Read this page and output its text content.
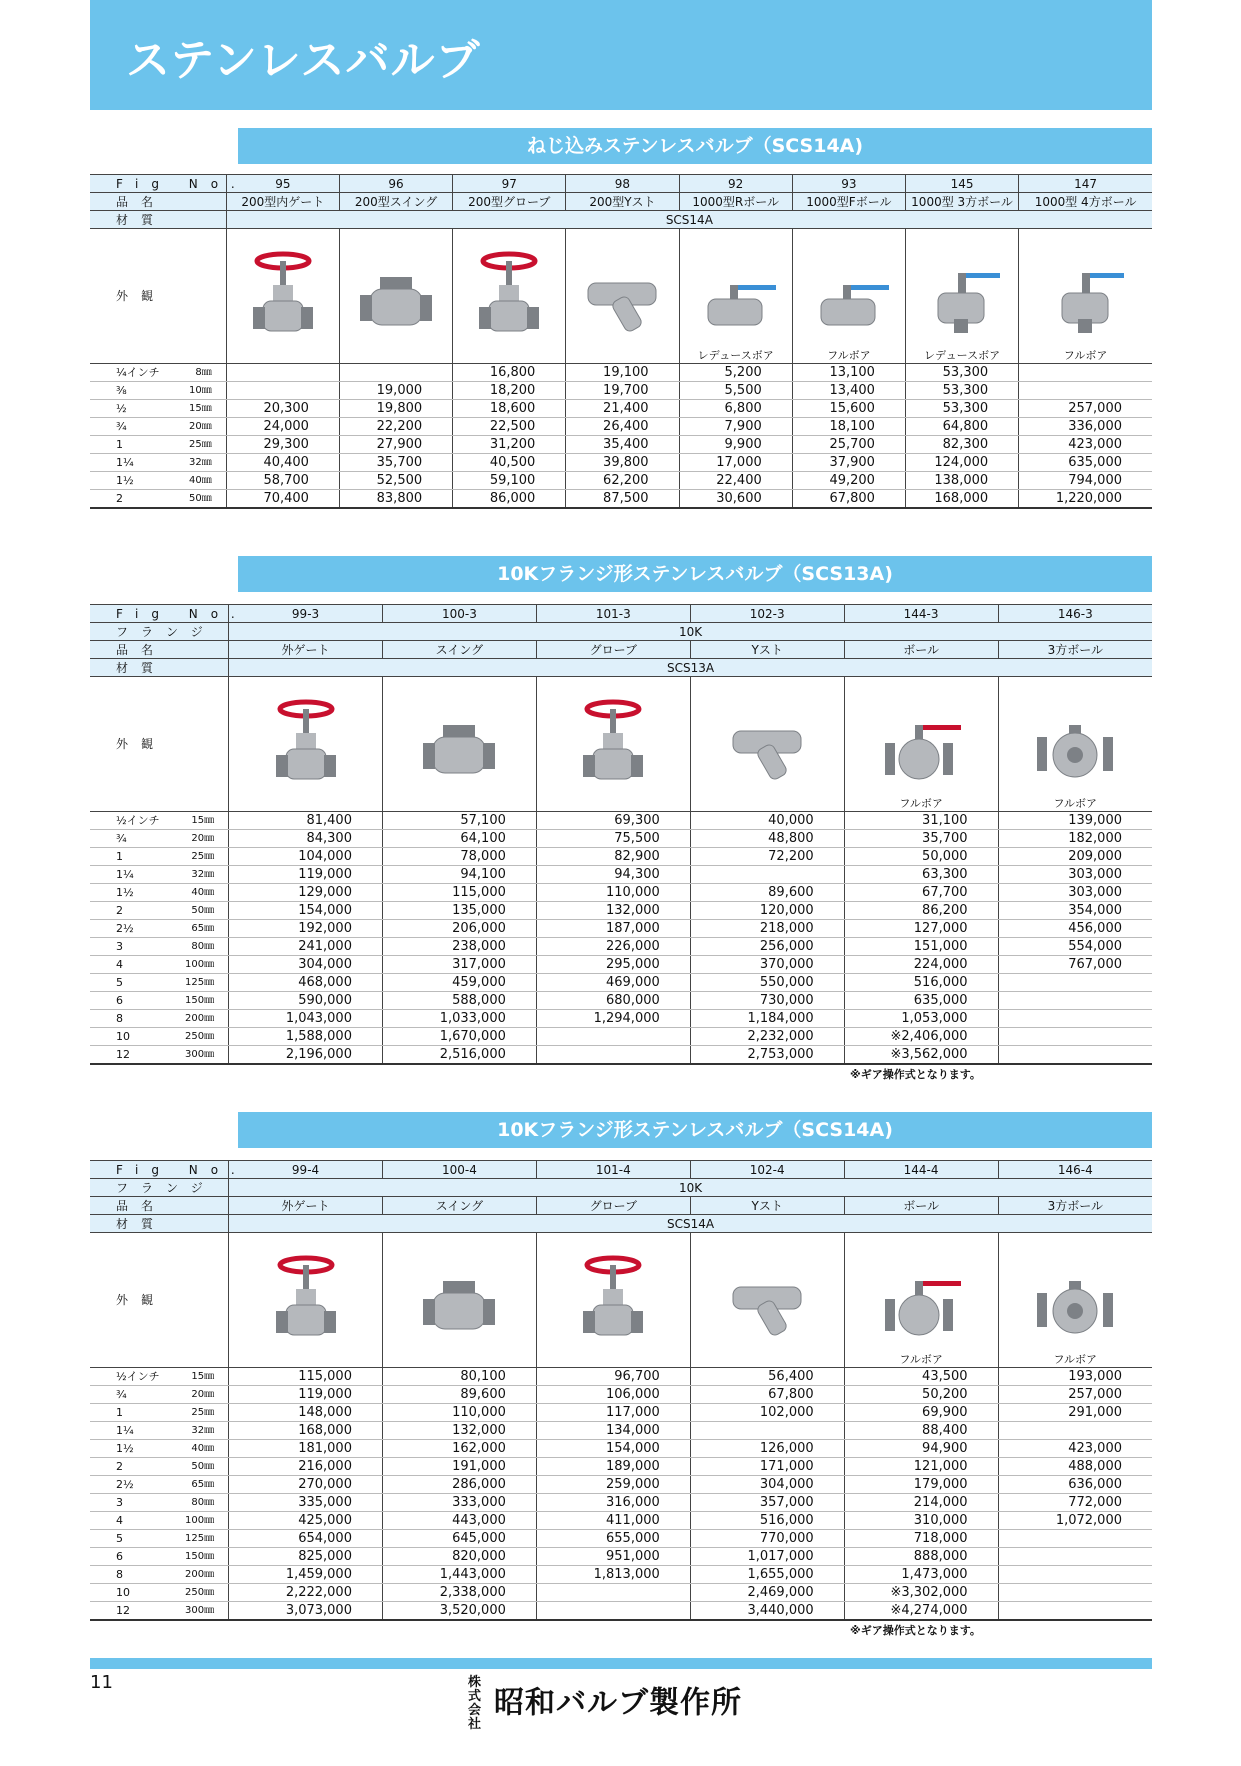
ステンレスバルブ
ねじ込みステンレスバルブ（SCS14A)
Fig No.		95	96	97	98	92	93	145	147
品名		200型内ゲート	200型スイング	200型グローブ	200型Yスト	1000型Rボール	1000型Fボール	1000型 3方ボール	1000型 4方ボール
材質		SCS14A							
外観						レデュースボア	フルボア	レデュースボア	フルボア

¼インチ	8㎜			16,800	19,100	5,200	13,100	53,300	
⅜	10㎜		19,000	18,200	19,700	5,500	13,400	53,300	
½	15㎜	20,300	19,800	18,600	21,400	6,800	15,600	53,300	257,000
¾	20㎜	24,000	22,200	22,500	26,400	7,900	18,100	64,800	336,000
1	25㎜	29,300	27,900	31,200	35,400	9,900	25,700	82,300	423,000
1¼	32㎜	40,400	35,700	40,500	39,800	17,000	37,900	124,000	635,000
1½	40㎜	58,700	52,500	59,100	62,200	22,400	49,200	138,000	794,000
2	50㎜	70,400	83,800	86,000	87,500	30,600	67,800	168,000	1,220,000
10Kフランジ形ステンレスバルブ（SCS13A)
Fig No.		99-3	100-3	101-3	102-3	144-3	146-3
フランジ		10K					
品名		外ゲート	スイング	グローブ	Yスト	ボール	3方ボール
材質		SCS13A					
外観						フルボア	フルボア

½インチ	15㎜	81,400	57,100	69,300	40,000	31,100	139,000
¾	20㎜	84,300	64,100	75,500	48,800	35,700	182,000
1	25㎜	104,000	78,000	82,900	72,200	50,000	209,000
1¼	32㎜	119,000	94,100	94,300		63,300	303,000
1½	40㎜	129,000	115,000	110,000	89,600	67,700	303,000
2	50㎜	154,000	135,000	132,000	120,000	86,200	354,000
2½	65㎜	192,000	206,000	187,000	218,000	127,000	456,000
3	80㎜	241,000	238,000	226,000	256,000	151,000	554,000
4	100㎜	304,000	317,000	295,000	370,000	224,000	767,000
5	125㎜	468,000	459,000	469,000	550,000	516,000	
6	150㎜	590,000	588,000	680,000	730,000	635,000	
8	200㎜	1,043,000	1,033,000	1,294,000	1,184,000	1,053,000	
10	250㎜	1,588,000	1,670,000		2,232,000	※2,406,000	
12	300㎜	2,196,000	2,516,000		2,753,000	※3,562,000	
※ギア操作式となります。
10Kフランジ形ステンレスバルブ（SCS14A)
Fig No.		99-4	100-4	101-4	102-4	144-4	146-4
フランジ		10K					
品名		外ゲート	スイング	グローブ	Yスト	ボール	3方ボール
材質		SCS14A					
外観						フルボア	フルボア

½インチ	15㎜	115,000	80,100	96,700	56,400	43,500	193,000
¾	20㎜	119,000	89,600	106,000	67,800	50,200	257,000
1	25㎜	148,000	110,000	117,000	102,000	69,900	291,000
1¼	32㎜	168,000	132,000	134,000		88,400	
1½	40㎜	181,000	162,000	154,000	126,000	94,900	423,000
2	50㎜	216,000	191,000	189,000	171,000	121,000	488,000
2½	65㎜	270,000	286,000	259,000	304,000	179,000	636,000
3	80㎜	335,000	333,000	316,000	357,000	214,000	772,000
4	100㎜	425,000	443,000	411,000	516,000	310,000	1,072,000
5	125㎜	654,000	645,000	655,000	770,000	718,000	
6	150㎜	825,000	820,000	951,000	1,017,000	888,000	
8	200㎜	1,459,000	1,443,000	1,813,000	1,655,000	1,473,000	
10	250㎜	2,222,000	2,338,000		2,469,000	※3,302,000	
12	300㎜	3,073,000	3,520,000		3,440,000	※4,274,000	
※ギア操作式となります。
11	株式会社昭和バルブ製作所
